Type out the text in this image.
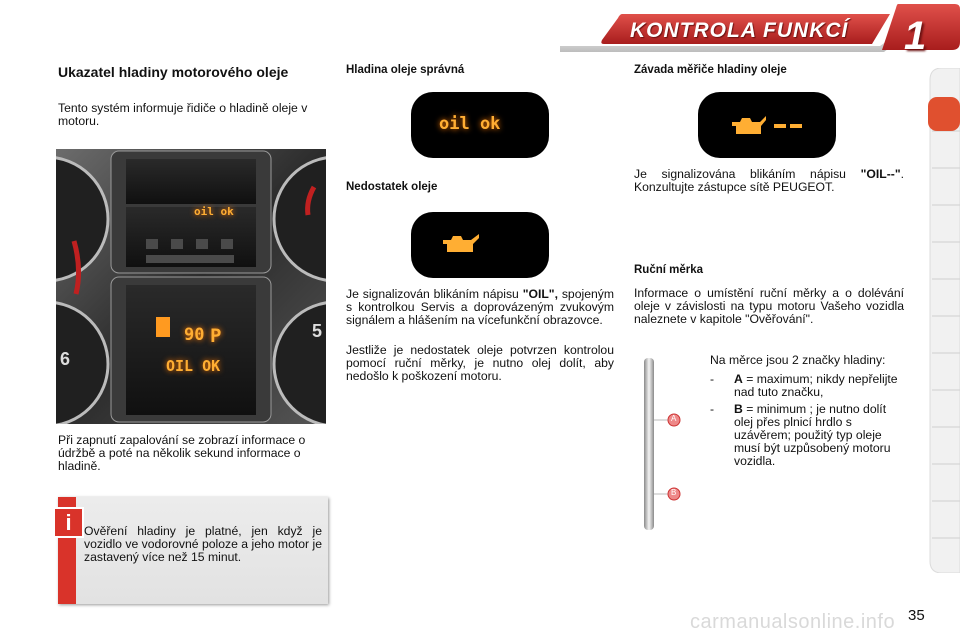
KONTROLA FUNKCÍ 1
Ukazatel hladiny motorového oleje
Tento systém informuje řidiče o hladině oleje v motoru.
oil ok
90 P
OIL OK
6
5
Při zapnutí zapalování se zobrazí informace o údržbě a poté na několik sekund informace o hladině.
i	Ověření hladiny je platné, jen když je vozidlo ve vodorovné poloze a jeho motor je zastavený více než 15 minut.
Hladina oleje správná
oil ok
Nedostatek oleje
Je signalizován blikáním nápisu "OIL", spojeným s kontrolkou Servis a doprovázeným zvukovým signálem a hlášením na vícefunkční obrazovce.
Jestliže je nedostatek oleje potvrzen kontrolou pomocí ruční měrky, je nutno olej dolít, aby nedošlo k poškození motoru.
Závada měřiče hladiny oleje
Je signalizována blikáním nápisu "OIL--". Konzultujte zástupce sítě PEUGEOT.
Ruční měrka
Informace o umístění ruční měrky a o dolévání oleje v závislosti na typu motoru Vašeho vozidla naleznete v kapitole "Ověřování".
A
B
Na měrce jsou 2 značky hladiny:
- A = maximum; nikdy nepřelijte nad tuto značku,
- B = minimum ; je nutno dolít olej přes plnicí hrdlo s uzávěrem; použitý typ oleje musí být uzpůsobený motoru vozidla.
carmanualsonline.info 35
